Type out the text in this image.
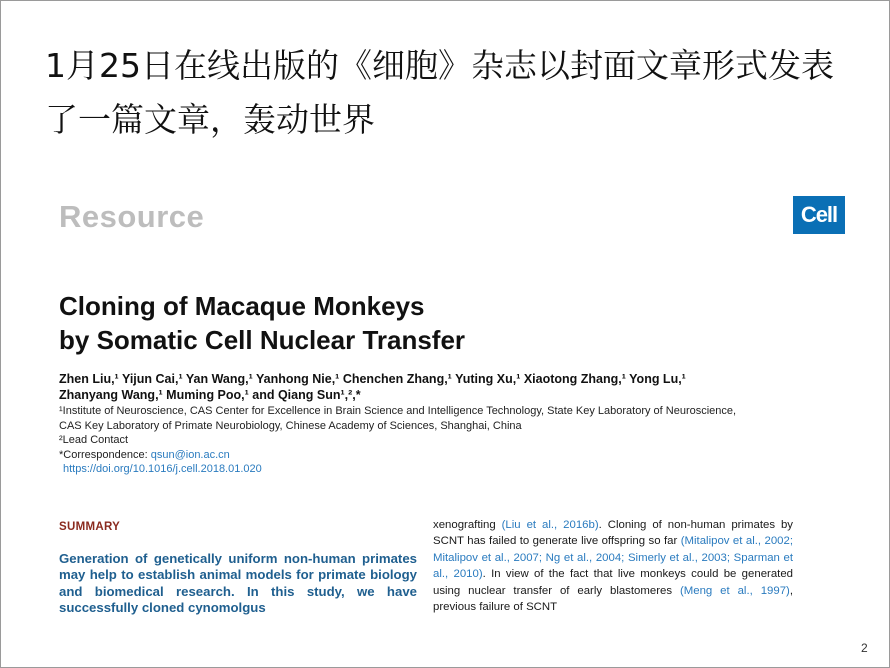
1月25日在线出版的《细胞》杂志以封面文章形式发表
了一篇文章，轰动世界
Resource	Cell
Cloning of Macaque Monkeys
by Somatic Cell Nuclear Transfer
Zhen Liu,¹ Yijun Cai,¹ Yan Wang,¹ Yanhong Nie,¹ Chenchen Zhang,¹ Yuting Xu,¹ Xiaotong Zhang,¹ Yong Lu,¹
Zhanyang Wang,¹ Muming Poo,¹ and Qiang Sun¹,²,*
¹Institute of Neuroscience, CAS Center for Excellence in Brain Science and Intelligence Technology, State Key Laboratory of Neuroscience,
CAS Key Laboratory of Primate Neurobiology, Chinese Academy of Sciences, Shanghai, China
²Lead Contact
*Correspondence: qsun@ion.ac.cn
https://doi.org/10.1016/j.cell.2018.01.020
SUMMARY
Generation of genetically uniform non-human primates may help to establish animal models for primate biology and biomedical research. In this study, we have successfully cloned cynomolgus
xenografting (Liu et al., 2016b). Cloning of non-human primates by SCNT has failed to generate live offspring so far (Mitalipov et al., 2002; Mitalipov et al., 2007; Ng et al., 2004; Simerly et al., 2003; Sparman et al., 2010). In view of the fact that live monkeys could be generated using nuclear transfer of early blastomeres (Meng et al., 1997), previous failure of SCNT
2
